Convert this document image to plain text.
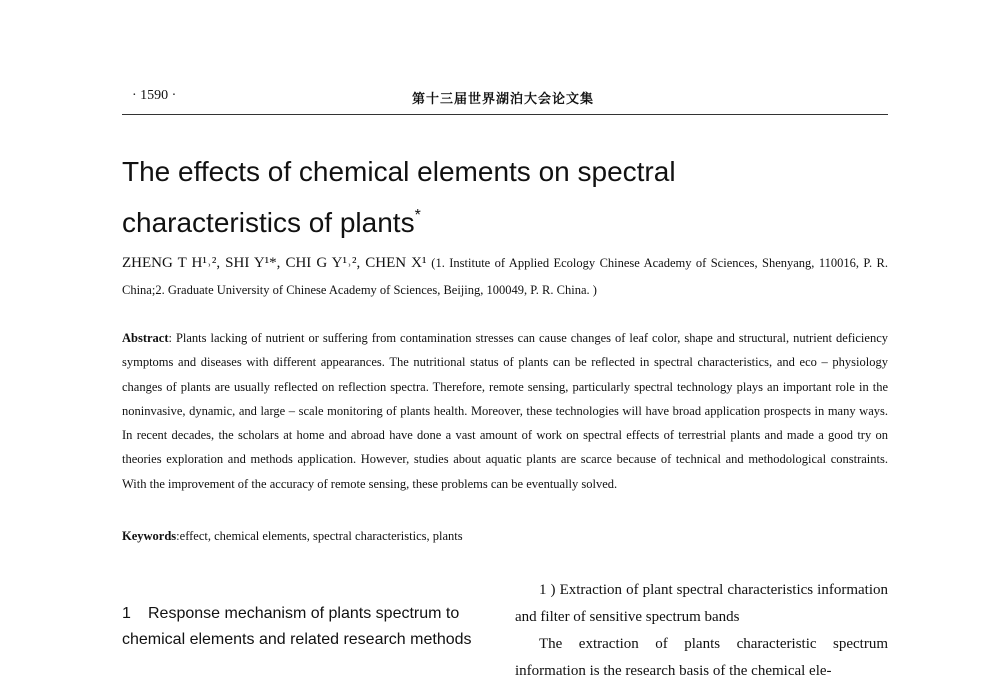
· 1590 ·	第十三届世界湖泊大会论文集
The effects of chemical elements on spectral
characteristics of plants*
ZHENG T H¹˒², SHI Y¹*, CHI G Y¹˒², CHEN X¹ (1. Institute of Applied Ecology Chinese Academy of Sciences, Shenyang, 110016, P. R. China;2. Graduate University of Chinese Academy of Sciences, Beijing, 100049, P. R. China. )

Abstract: Plants lacking of nutrient or suffering from contamination stresses can cause changes of leaf color, shape and structural, nutrient deficiency symptoms and diseases with different appearances. The nutritional status of plants can be reflected in spectral characteristics, and eco – physiology changes of plants are usually reflected on reflection spectra. Therefore, remote sensing, particularly spectral technology plays an important role in the noninvasive, dynamic, and large – scale monitoring of plants health. Moreover, these technologies will have broad application prospects in many ways. In recent decades, the scholars at home and abroad have done a vast amount of work on spectral effects of terrestrial plants and made a good try on theories exploration and methods application. However, studies about aquatic plants are scarce because of technical and methodological constraints. With the improvement of the accuracy of remote sensing, these problems can be eventually solved.

Keywords:effect, chemical elements, spectral characteristics, plants
1 Response mechanism of plants spectrum to chemical elements and related research methods

1 ) Extraction of plant spectral characteristics information and filter of sensitive spectrum bands

The extraction of plants characteristic spectrum information is the research basis of the chemical ele-
